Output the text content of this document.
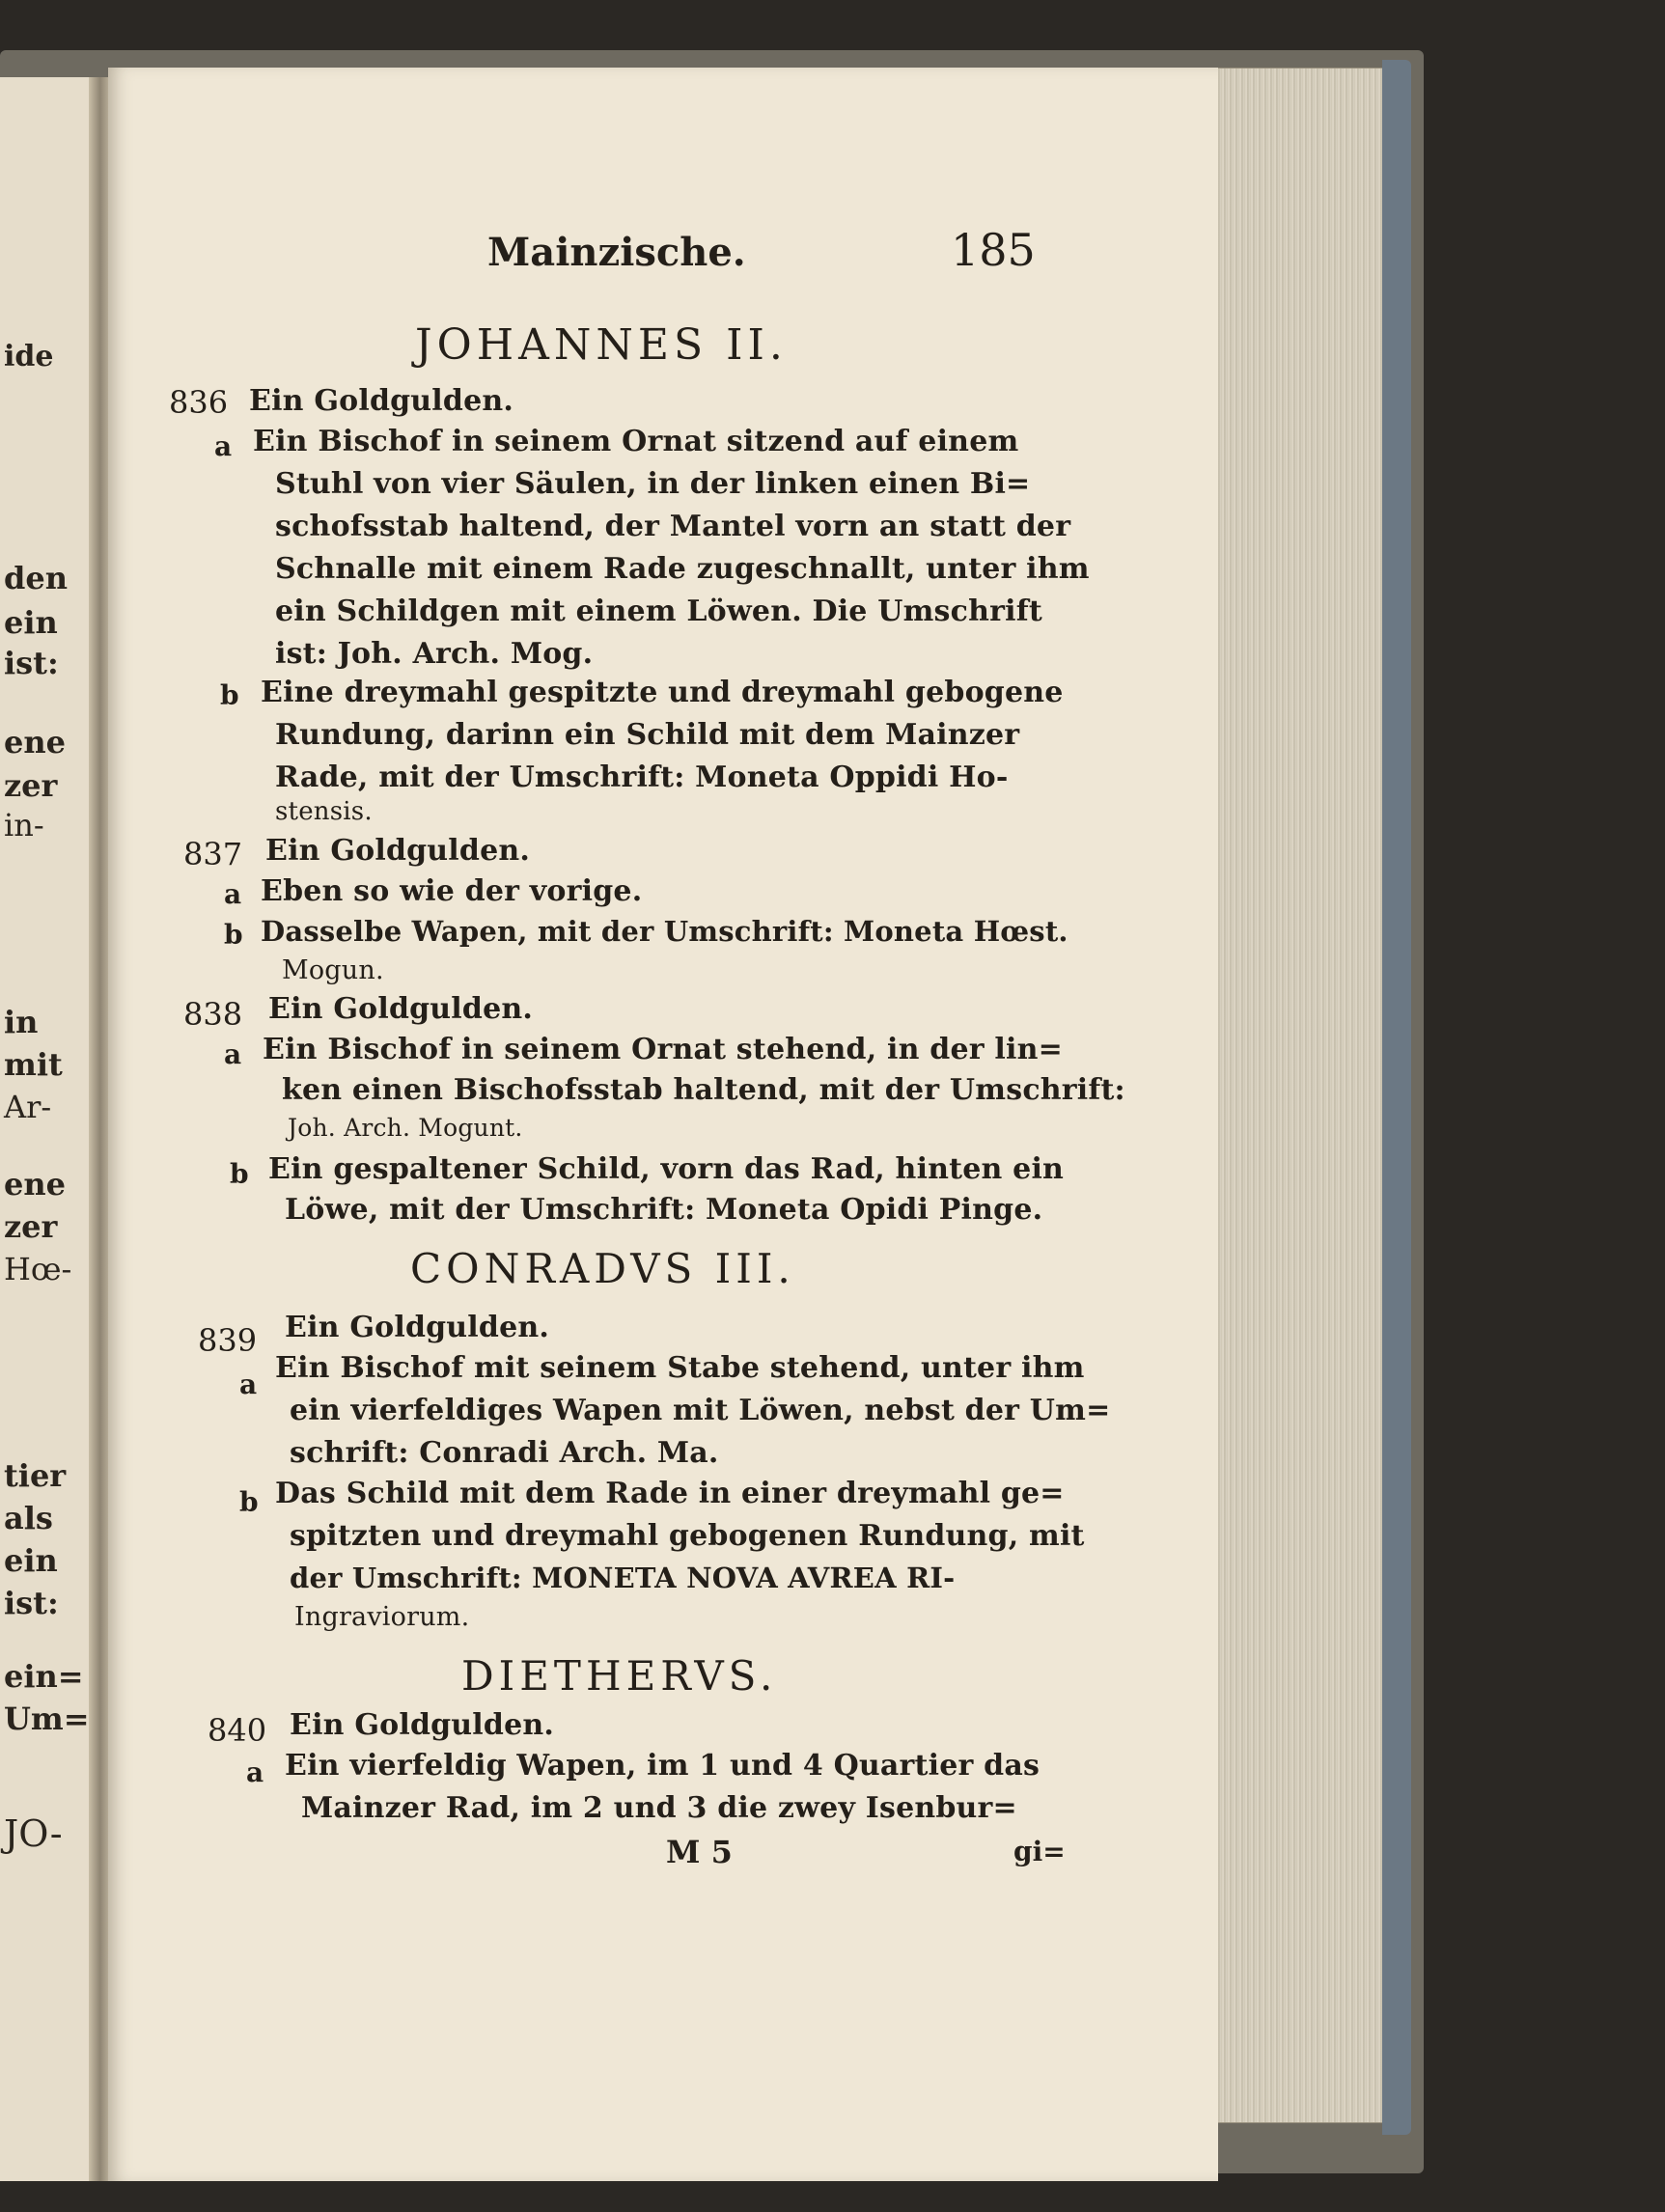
ide
den
ein
ist:
ene
zer
in-
in
mit
Ar-
ene
zer
Hœ-
tier
als
ein
ist:
ein=
Um=
JO-
Mainzische.	185
JOHANNES II.
836 Ein Goldgulden.
a Ein Bischof in seinem Ornat sitzend auf einem
Stuhl von vier Säulen, in der linken einen Bi=
schofsstab haltend, der Mantel vorn an statt der
Schnalle mit einem Rade zugeschnallt, unter ihm
ein Schildgen mit einem Löwen. Die Umschrift
ist: Joh. Arch. Mog.
b Eine dreymahl gespitzte und dreymahl gebogene
Rundung, darinn ein Schild mit dem Mainzer
Rade, mit der Umschrift: Moneta Oppidi Ho-
stensis.
837 Ein Goldgulden.
a Eben so wie der vorige.
b Dasselbe Wapen, mit der Umschrift: Moneta Hœst.
Mogun.
838 Ein Goldgulden.
a Ein Bischof in seinem Ornat stehend, in der lin=
ken einen Bischofsstab haltend, mit der Umschrift:
Joh. Arch. Mogunt.
b Ein gespaltener Schild, vorn das Rad, hinten ein
Löwe, mit der Umschrift: Moneta Opidi Pinge.
CONRADVS III.
839 Ein Goldgulden.
a Ein Bischof mit seinem Stabe stehend, unter ihm
ein vierfeldiges Wapen mit Löwen, nebst der Um=
schrift: Conradi Arch. Ma.
b Das Schild mit dem Rade in einer dreymahl ge=
spitzten und dreymahl gebogenen Rundung, mit
der Umschrift: MONETA NOVA AVREA RI-
Ingraviorum.
DIETHERVS.
840 Ein Goldgulden.
a Ein vierfeldig Wapen, im 1 und 4 Quartier das
Mainzer Rad, im 2 und 3 die zwey Isenbur=
M 5	gi=
